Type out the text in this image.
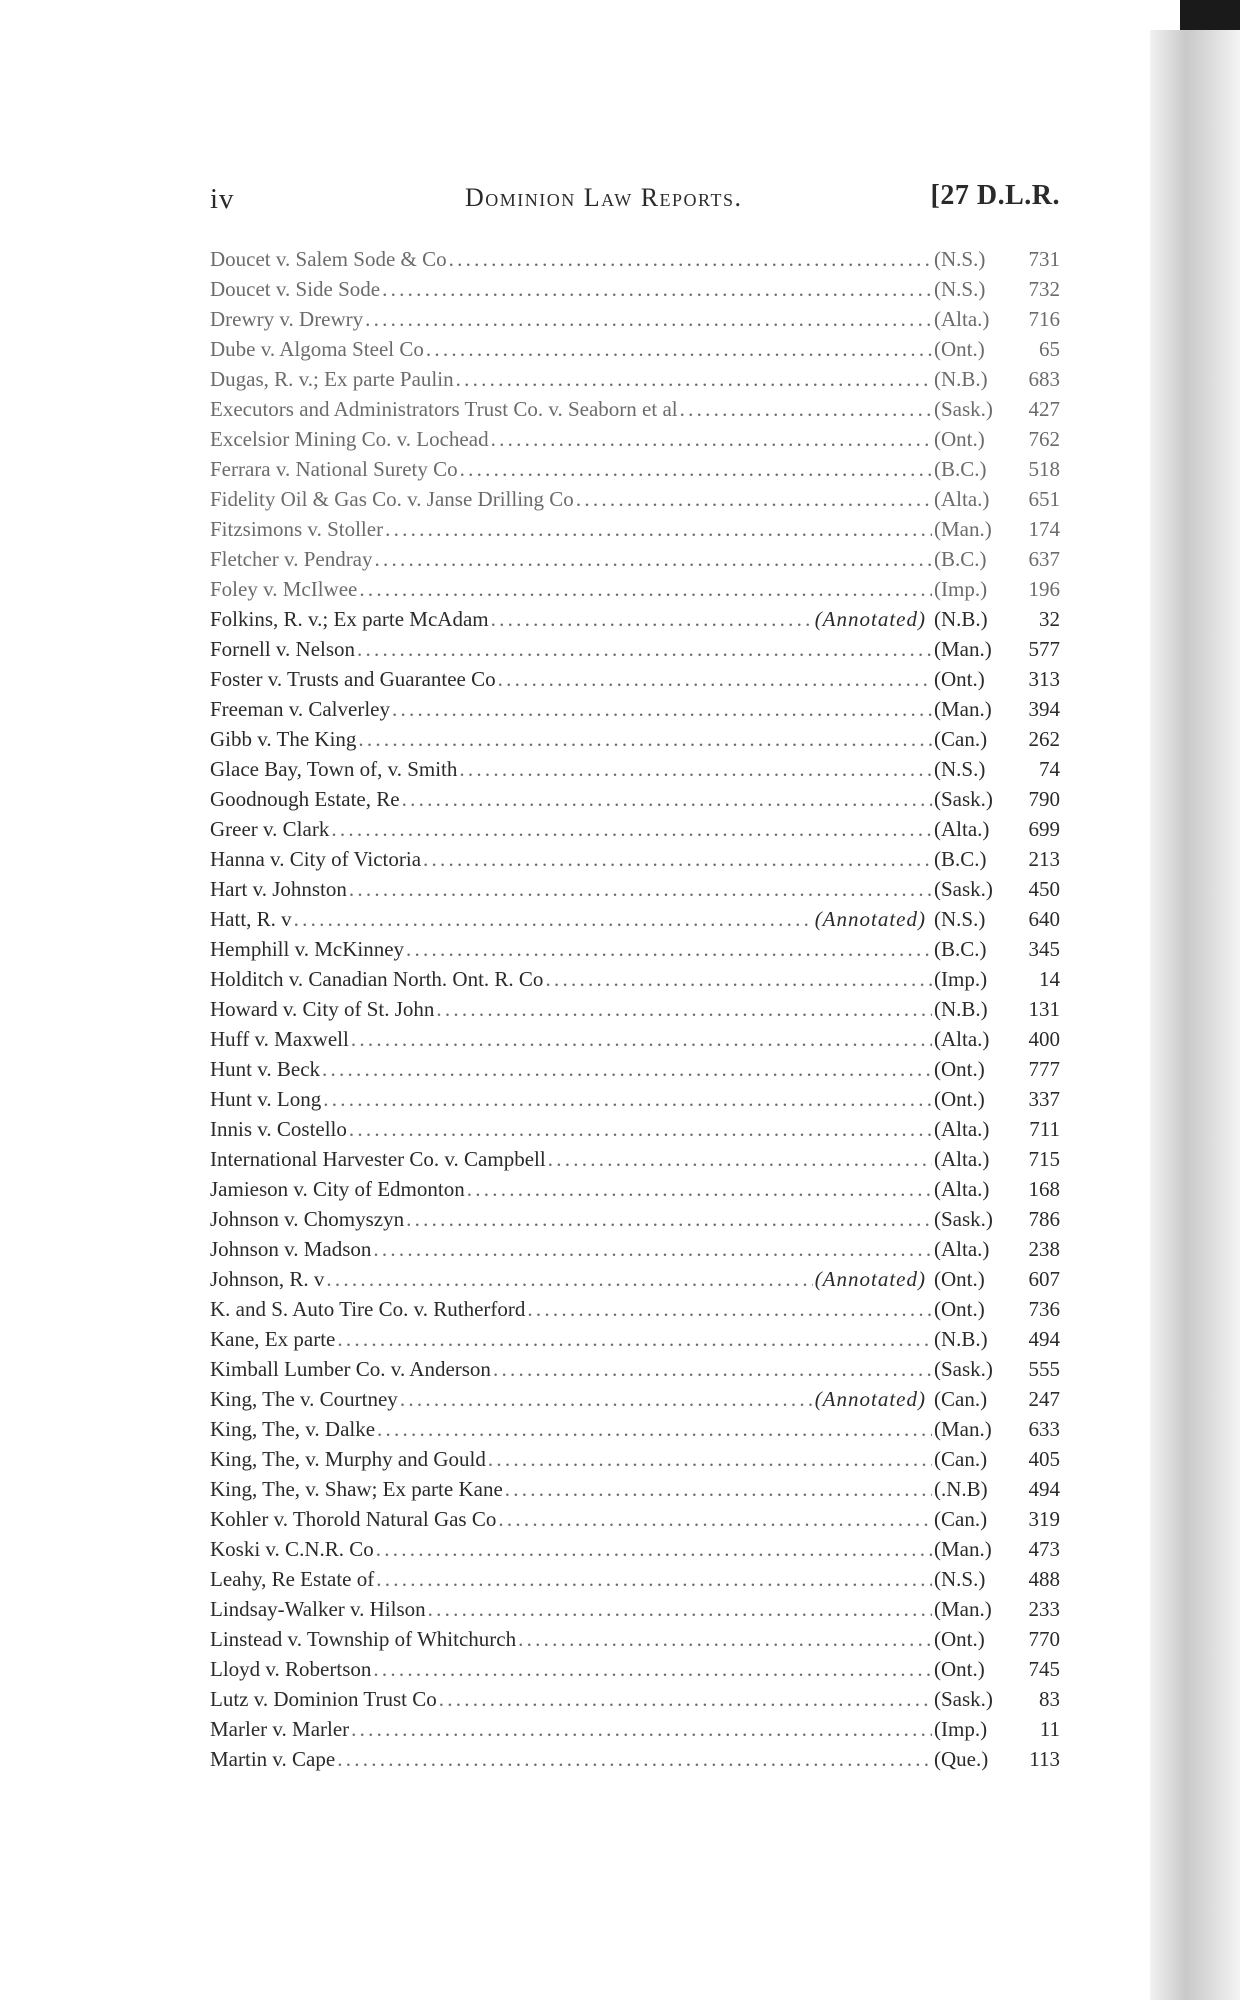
iv	Dominion Law Reports.	[27 D.L.R.
Doucet v. Salem Sode & Co . . .	(N.S.)	731
Doucet v. Side Sode . . .	(N.S.)	732
Drewry v. Drewry . . .	(Alta.)	716
Dube v. Algoma Steel Co . . .	(Ont.)	65
Dugas, R. v.; Ex parte Paulin . . .	(N.B.)	683
Executors and Administrators Trust Co. v. Seaborn et al . . .	(Sask.)	427
Excelsior Mining Co. v. Lochead . . .	(Ont.)	762
Ferrara v. National Surety Co . . .	(B.C.)	518
Fidelity Oil & Gas Co. v. Janse Drilling Co . . .	(Alta.)	651
Fitzsimons v. Stoller . . .	(Man.)	174
Fletcher v. Pendray . . .	(B.C.)	637
Foley v. McIlwee . . .	(Imp.)	196
Folkins, R. v.; Ex parte McAdam . . .	(Annotated) (N.B.)	32
Fornell v. Nelson . . .	(Man.)	577
Foster v. Trusts and Guarantee Co . . .	(Ont.)	313
Freeman v. Calverley . . .	(Man.)	394
Gibb v. The King . . .	(Can.)	262
Glace Bay, Town of, v. Smith . . .	(N.S.)	74
Goodnough Estate, Re . . .	(Sask.)	790
Greer v. Clark . . .	(Alta.)	699
Hanna v. City of Victoria . . .	(B.C.)	213
Hart v. Johnston . . .	(Sask.)	450
Hatt, R. v . . .	(Annotated) (N.S.)	640
Hemphill v. McKinney . . .	(B.C.)	345
Holditch v. Canadian North. Ont. R. Co . . .	(Imp.)	14
Howard v. City of St. John . . .	(N.B.)	131
Huff v. Maxwell . . .	(Alta.)	400
Hunt v. Beck . . .	(Ont.)	777
Hunt v. Long . . .	(Ont.)	337
Innis v. Costello . . .	(Alta.)	711
International Harvester Co. v. Campbell . . .	(Alta.)	715
Jamieson v. City of Edmonton . . .	(Alta.)	168
Johnson v. Chomyszyn . . .	(Sask.)	786
Johnson v. Madson . . .	(Alta.)	238
Johnson, R. v . . .	(Annotated) (Ont.)	607
K. and S. Auto Tire Co. v. Rutherford . . .	(Ont.)	736
Kane, Ex parte . . .	(N.B.)	494
Kimball Lumber Co. v. Anderson . . .	(Sask.)	555
King, The v. Courtney . . .	(Annotated) (Can.)	247
King, The, v. Dalke . . .	(Man.)	633
King, The, v. Murphy and Gould . . .	(Can.)	405
King, The, v. Shaw; Ex parte Kane . . .	(.N.B)	494
Kohler v. Thorold Natural Gas Co . . .	(Can.)	319
Koski v. C.N.R. Co . . .	(Man.)	473
Leahy, Re Estate of . . .	(N.S.)	488
Lindsay-Walker v. Hilson . . .	(Man.)	233
Linstead v. Township of Whitchurch . . .	(Ont.)	770
Lloyd v. Robertson . . .	(Ont.)	745
Lutz v. Dominion Trust Co . . .	(Sask.)	83
Marler v. Marler . . .	(Imp.)	11
Martin v. Cape . . .	(Que.)	113
